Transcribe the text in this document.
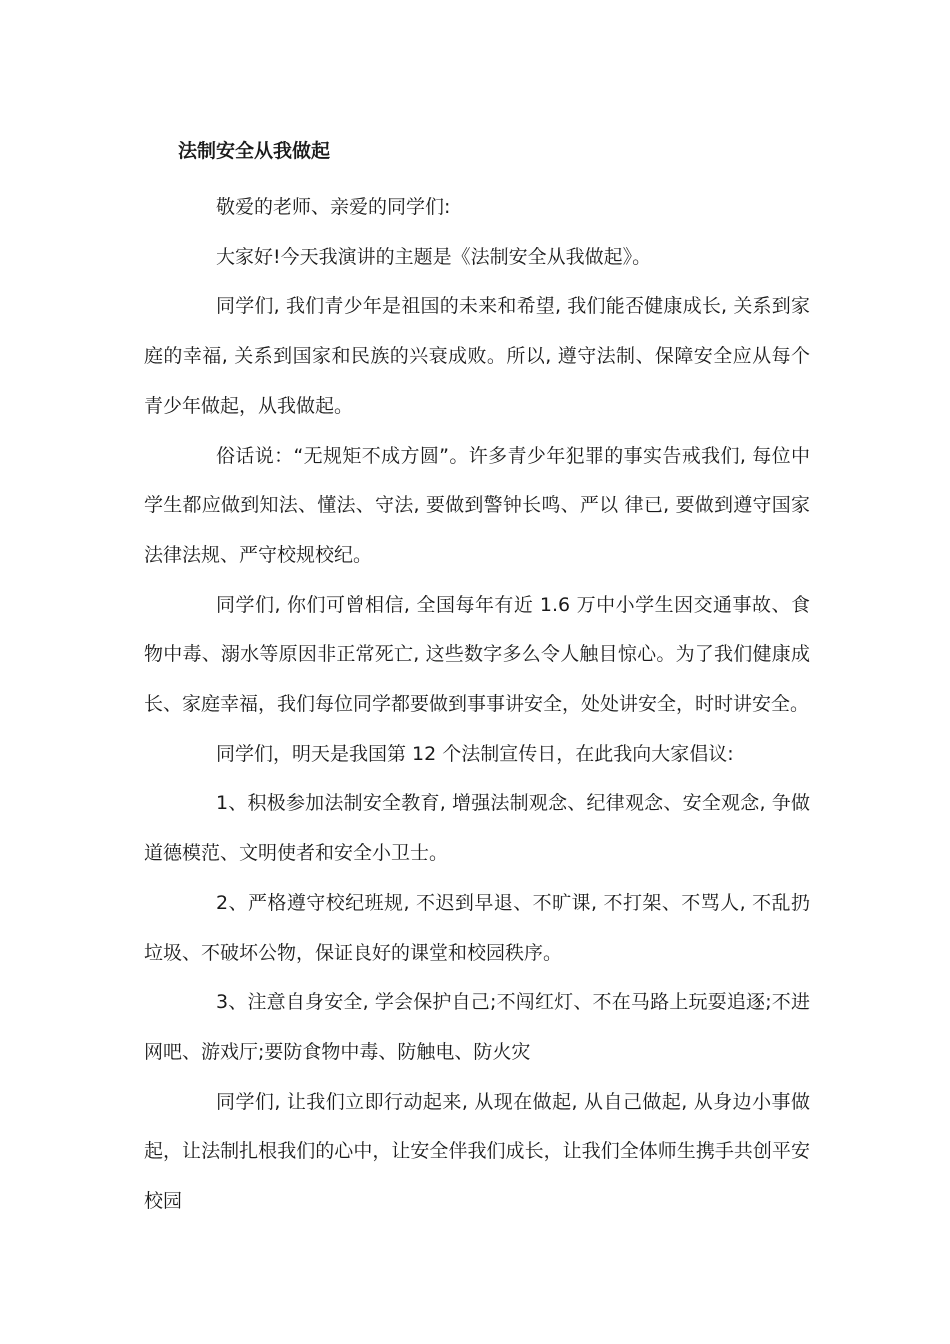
法制安全从我做起

敬爱的老师、亲爱的同学们:

大家好!今天我演讲的主题是《法制安全从我做起》。

同学们, 我们青少年是祖国的未来和希望, 我们能否健康成长, 关系到家庭的幸福, 关系到国家和民族的兴衰成败。所以, 遵守法制、保障安全应从每个青少年做起，从我做起。

俗话说：“无规矩不成方圆”。许多青少年犯罪的事实告戒我们, 每位中学生都应做到知法、懂法、守法, 要做到警钟长鸣、严以 律已, 要做到遵守国家法律法规、严守校规校纪。

同学们, 你们可曾相信, 全国每年有近 1.6 万中小学生因交通事故、食物中毒、溺水等原因非正常死亡, 这些数字多么令人触目惊心。为了我们健康成长、家庭幸福，我们每位同学都要做到事事讲安全，处处讲安全，时时讲安全。

同学们，明天是我国第 12 个法制宣传日，在此我向大家倡议:

1、积极参加法制安全教育, 增强法制观念、纪律观念、安全观念, 争做道德模范、文明使者和安全小卫士。

2、严格遵守校纪班规, 不迟到早退、不旷课, 不打架、不骂人, 不乱扔垃圾、不破坏公物，保证良好的课堂和校园秩序。

3、注意自身安全, 学会保护自己;不闯红灯、不在马路上玩耍追逐;不进网吧、游戏厅;要防食物中毒、防触电、防火灾

同学们, 让我们立即行动起来, 从现在做起, 从自己做起, 从身边小事做起，让法制扎根我们的心中，让安全伴我们成长，让我们全体师生携手共创平安校园
